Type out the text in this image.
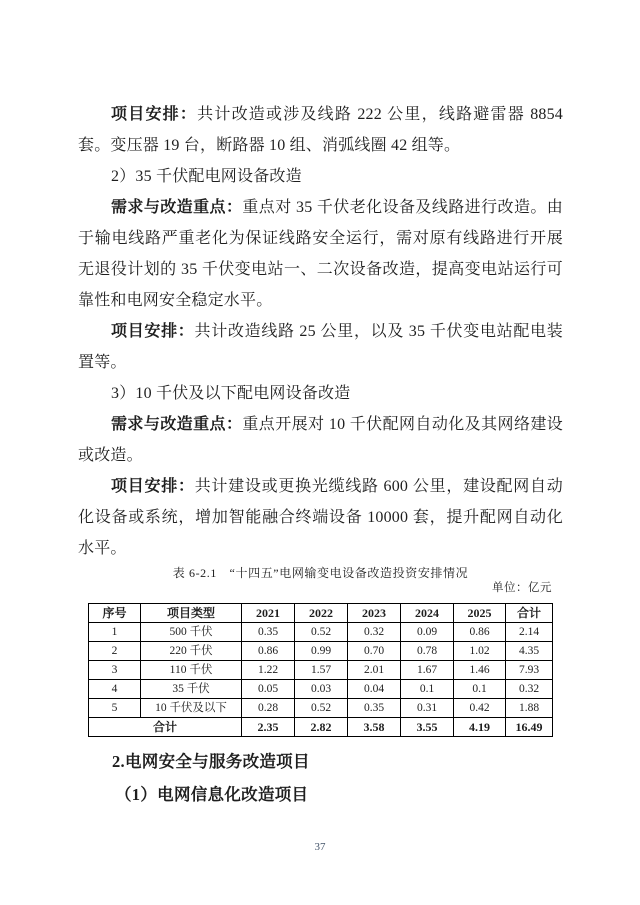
项目安排：共计改造或涉及线路 222 公里，线路避雷器 8854 套。变压器 19 台，断路器 10 组、消弧线圈 42 组等。

2）35 千伏配电网设备改造

需求与改造重点：重点对 35 千伏老化设备及线路进行改造。由于输电线路严重老化为保证线路安全运行，需对原有线路进行开展无退役计划的 35 千伏变电站一、二次设备改造，提高变电站运行可靠性和电网安全稳定水平。

项目安排：共计改造线路 25 公里，以及 35 千伏变电站配电装置等。

3）10 千伏及以下配电网设备改造

需求与改造重点：重点开展对 10 千伏配网自动化及其网络建设或改造。

项目安排：共计建设或更换光缆线路 600 公里，建设配网自动化设备或系统，增加智能融合终端设备 10000 套，提升配网自动化水平。

表 6-2.1　“十四五”电网输变电设备改造投资安排情况

单位：亿元

序号	项目类型	2021	2022	2023	2024	2025	合计
1	500 千伏	0.35	0.52	0.32	0.09	0.86	2.14
2	220 千伏	0.86	0.99	0.70	0.78	1.02	4.35
3	110 千伏	1.22	1.57	2.01	1.67	1.46	7.93
4	35 千伏	0.05	0.03	0.04	0.1	0.1	0.32
5	10 千伏及以下	0.28	0.52	0.35	0.31	0.42	1.88
合计		2.35	2.82	3.58	3.55	4.19	16.49

2.电网安全与服务改造项目

（1）电网信息化改造项目

37
